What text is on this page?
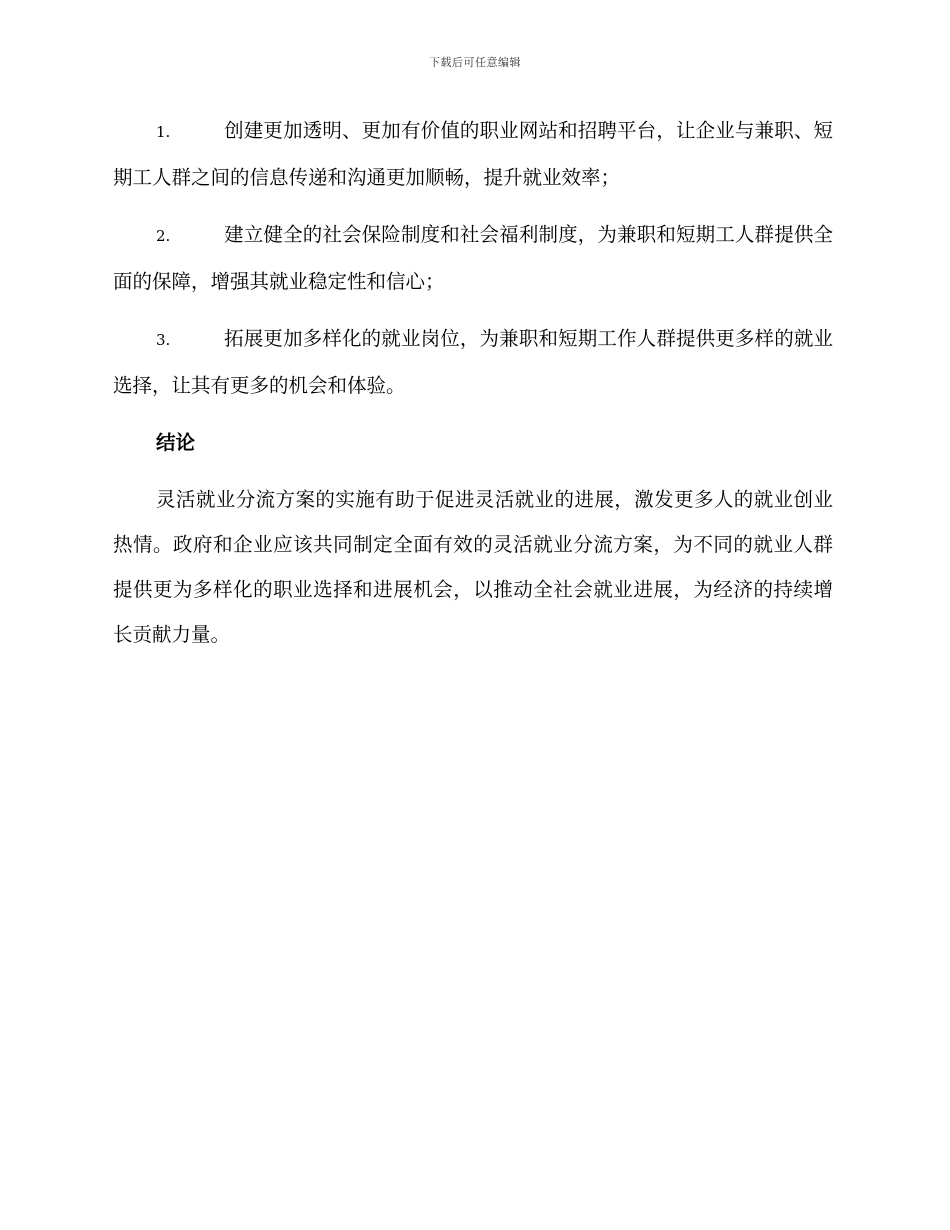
下载后可任意编辑

1.	创建更加透明、更加有价值的职业网站和招聘平台，让企业与兼职、短期工人群之间的信息传递和沟通更加顺畅，提升就业效率；

2.	建立健全的社会保险制度和社会福利制度，为兼职和短期工人群提供全面的保障，增强其就业稳定性和信心；

3.	拓展更加多样化的就业岗位，为兼职和短期工作人群提供更多样的就业选择，让其有更多的机会和体验。

结论

灵活就业分流方案的实施有助于促进灵活就业的进展，激发更多人的就业创业热情。政府和企业应该共同制定全面有效的灵活就业分流方案，为不同的就业人群提供更为多样化的职业选择和进展机会，以推动全社会就业进展，为经济的持续增长贡献力量。
